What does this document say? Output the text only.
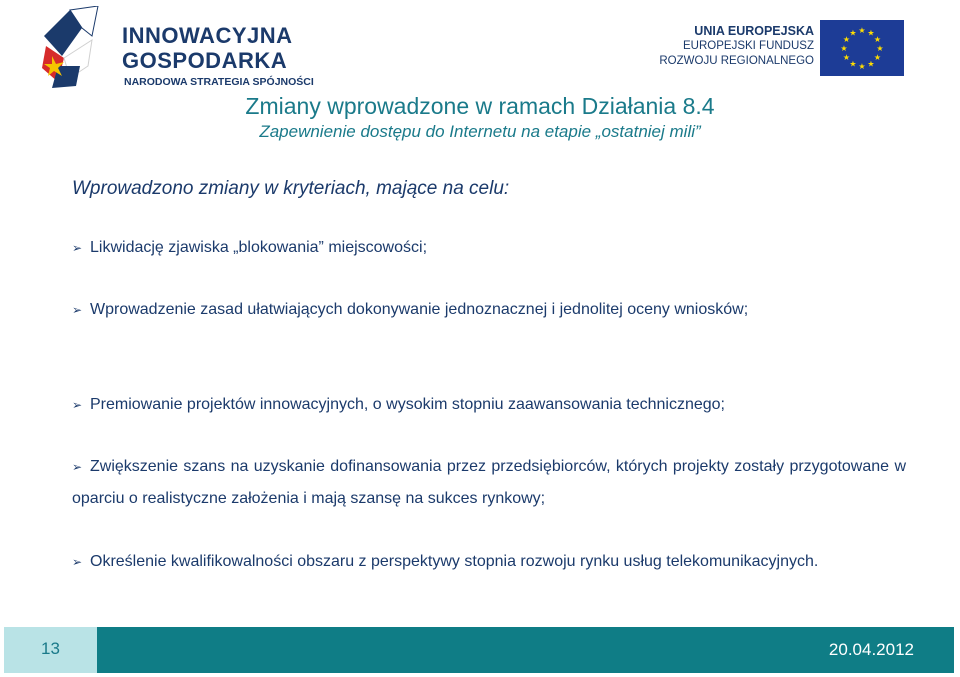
INNOWACYJNA
GOSPODARKA
NARODOWA STRATEGIA SPÓJNOŚCI
UNIA EUROPEJSKA
EUROPEJSKI FUNDUSZ
ROZWOJU REGIONALNEGO
★ ★
★
★
★
★
★
★
★
★
★
★
Zmiany wprowadzone w ramach Działania 8.4
Zapewnienie dostępu do Internetu na etapie „ostatniej mili”
Wprowadzono zmiany w kryteriach, mające na celu:
➢ Likwidację zjawiska „blokowania” miejscowości;
➢ Wprowadzenie zasad ułatwiających dokonywanie jednoznacznej i jednolitej oceny wniosków;
➢ Premiowanie projektów innowacyjnych, o wysokim stopniu zaawansowania technicznego;
➢ Zwiększenie szans na uzyskanie dofinansowania przez przedsiębiorców, których projekty zostały przygotowane w oparciu o realistyczne założenia i mają szansę na sukces rynkowy;
➢ Określenie kwalifikowalności obszaru z perspektywy stopnia rozwoju rynku usług telekomunikacyjnych.
13	20.04.2012
